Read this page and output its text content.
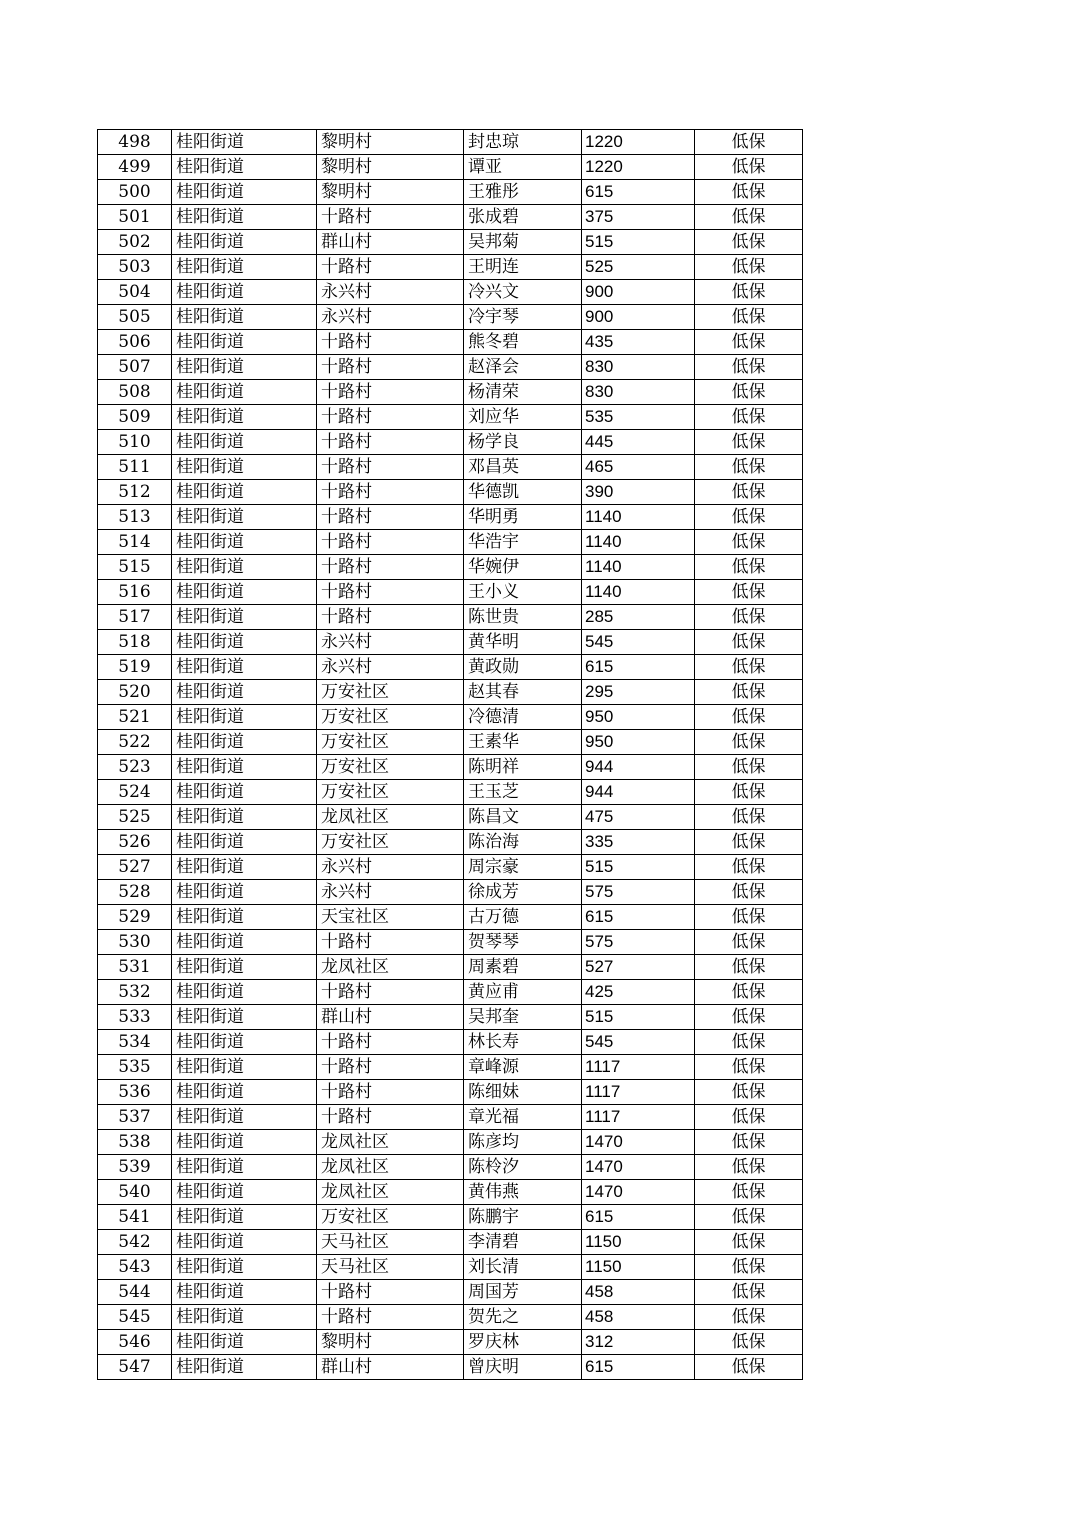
498	桂阳街道	黎明村	封忠琼	1220	低保
499	桂阳街道	黎明村	谭亚	1220	低保
500	桂阳街道	黎明村	王雅彤	615	低保
501	桂阳街道	十路村	张成碧	375	低保
502	桂阳街道	群山村	吴邦菊	515	低保
503	桂阳街道	十路村	王明连	525	低保
504	桂阳街道	永兴村	冷兴文	900	低保
505	桂阳街道	永兴村	冷宇琴	900	低保
506	桂阳街道	十路村	熊冬碧	435	低保
507	桂阳街道	十路村	赵泽会	830	低保
508	桂阳街道	十路村	杨清荣	830	低保
509	桂阳街道	十路村	刘应华	535	低保
510	桂阳街道	十路村	杨学良	445	低保
511	桂阳街道	十路村	邓昌英	465	低保
512	桂阳街道	十路村	华德凯	390	低保
513	桂阳街道	十路村	华明勇	1140	低保
514	桂阳街道	十路村	华浩宇	1140	低保
515	桂阳街道	十路村	华婉伊	1140	低保
516	桂阳街道	十路村	王小义	1140	低保
517	桂阳街道	十路村	陈世贵	285	低保
518	桂阳街道	永兴村	黄华明	545	低保
519	桂阳街道	永兴村	黄政勋	615	低保
520	桂阳街道	万安社区	赵其春	295	低保
521	桂阳街道	万安社区	冷德清	950	低保
522	桂阳街道	万安社区	王素华	950	低保
523	桂阳街道	万安社区	陈明祥	944	低保
524	桂阳街道	万安社区	王玉芝	944	低保
525	桂阳街道	龙凤社区	陈昌文	475	低保
526	桂阳街道	万安社区	陈治海	335	低保
527	桂阳街道	永兴村	周宗豪	515	低保
528	桂阳街道	永兴村	徐成芳	575	低保
529	桂阳街道	天宝社区	古万德	615	低保
530	桂阳街道	十路村	贺琴琴	575	低保
531	桂阳街道	龙凤社区	周素碧	527	低保
532	桂阳街道	十路村	黄应甫	425	低保
533	桂阳街道	群山村	吴邦奎	515	低保
534	桂阳街道	十路村	林长寿	545	低保
535	桂阳街道	十路村	章峰源	1117	低保
536	桂阳街道	十路村	陈细妹	1117	低保
537	桂阳街道	十路村	章光福	1117	低保
538	桂阳街道	龙凤社区	陈彦均	1470	低保
539	桂阳街道	龙凤社区	陈柃汐	1470	低保
540	桂阳街道	龙凤社区	黄伟燕	1470	低保
541	桂阳街道	万安社区	陈鹏宇	615	低保
542	桂阳街道	天马社区	李清碧	1150	低保
543	桂阳街道	天马社区	刘长清	1150	低保
544	桂阳街道	十路村	周国芳	458	低保
545	桂阳街道	十路村	贺先之	458	低保
546	桂阳街道	黎明村	罗庆林	312	低保
547	桂阳街道	群山村	曾庆明	615	低保
